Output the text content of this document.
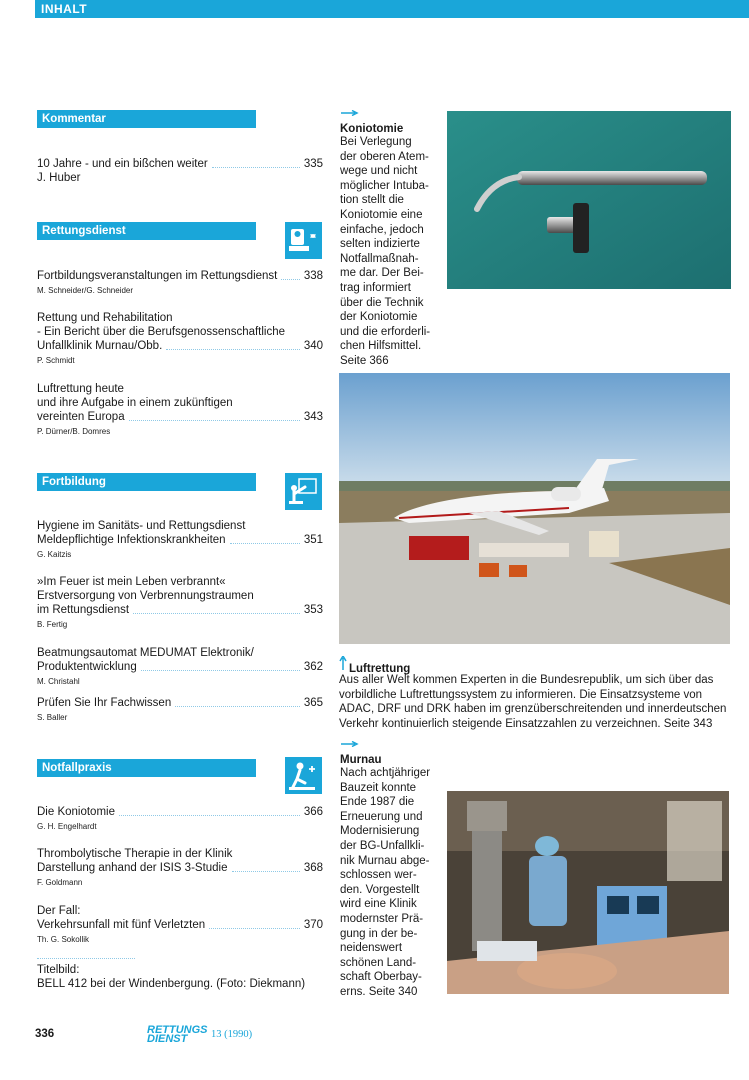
INHALT
Kommentar
10 Jahre - und ein bißchen weiter	335
J. Huber
Rettungsdienst
Fortbildungsveranstaltungen im Rettungsdienst 338
M. Schneider/G. Schneider
Rettung und Rehabilitation
- Ein Bericht über die Berufsgenossenschaftliche
Unfallklinik Murnau/Obb.	340
P. Schmidt
Luftrettung heute
und ihre Aufgabe in einem zukünftigen
vereinten Europa	343
P. Dürner/B. Domres
Fortbildung
Hygiene im Sanitäts- und Rettungsdienst
Meldepflichtige Infektionskrankheiten	351
G. Kaitzis
»Im Feuer ist mein Leben verbrannt«
Erstversorgung von Verbrennungstraumen
im Rettungsdienst	353
B. Fertig
Beatmungsautomat MEDUMAT Elektronik/
Produktentwicklung	362
M. Christahl
Prüfen Sie Ihr Fachwissen	365
S. Baller
Notfallpraxis
Die Koniotomie	366
G. H. Engelhardt
Thrombolytische Therapie in der Klinik
Darstellung anhand der ISIS 3-Studie	368
F. Goldmann
Der Fall:
Verkehrsunfall mit fünf Verletzten	370
Th. G. Sokollik
Titelbild:
BELL 412 bei der Windenbergung. (Foto: Diekmann)
Koniotomie
Bei Verlegung
der oberen Atem-
wege und nicht
möglicher Intuba-
tion stellt die
Koniotomie eine
einfache, jedoch
selten indizierte
Notfallmaßnah-
me dar. Der Bei-
trag informiert
über die Technik
der Koniotomie
und die erforderli-
chen Hilfsmittel.
Seite 366
Luftrettung
Aus aller Welt kommen Experten in die Bundesrepublik, um sich über das
vorbildliche Luftrettungssystem zu informieren. Die Einsatzsysteme von
ADAC, DRF und DRK haben im grenzüberschreitenden und innerdeutschen
Verkehr kontinuierlich steigende Einsatzzahlen zu verzeichnen. Seite 343
Murnau
Nach achtjähriger
Bauzeit konnte
Ende 1987 die
Erneuerung und
Modernisierung
der BG-Unfallkli-
nik Murnau abge-
schlossen wer-
den. Vorgestellt
wird eine Klinik
modernster Prä-
gung in der be-
neidenswert
schönen Land-
schaft Oberbay-
erns. Seite 340
336	RETTUNGS
DIENST	13 (1990)
